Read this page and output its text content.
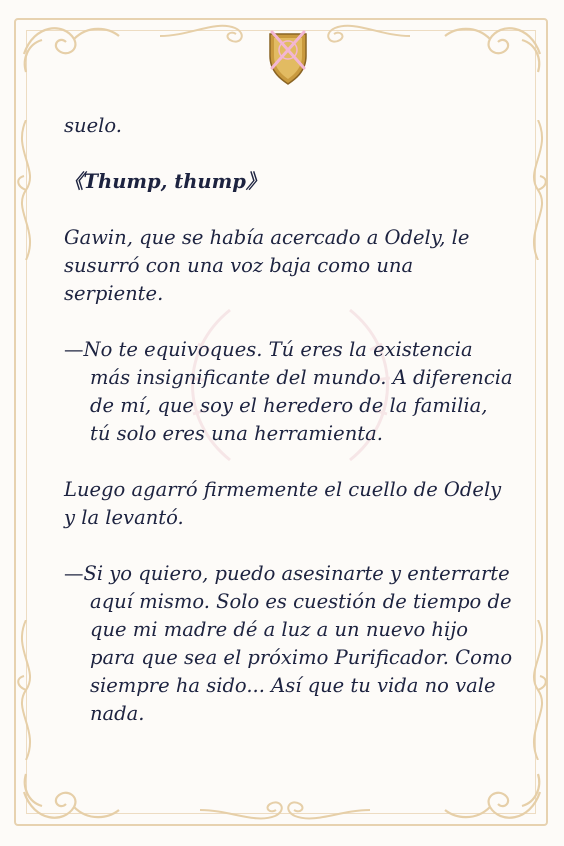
suelo.

《Thump, thump》

Gawin, que se había acercado a Odely, le susurró con una voz baja como una serpiente.

—No te equivoques. Tú eres la existencia más insignificante del mundo. A diferencia de mí, que soy el heredero de la familia, tú solo eres una herramienta.

Luego agarró firmemente el cuello de Odely y la levantó.

—Si yo quiero, puedo asesinarte y enterrarte aquí mismo. Solo es cuestión de tiempo de que mi madre dé a luz a un nuevo hijo para que sea el próximo Purificador. Como siempre ha sido... Así que tu vida no vale nada.
